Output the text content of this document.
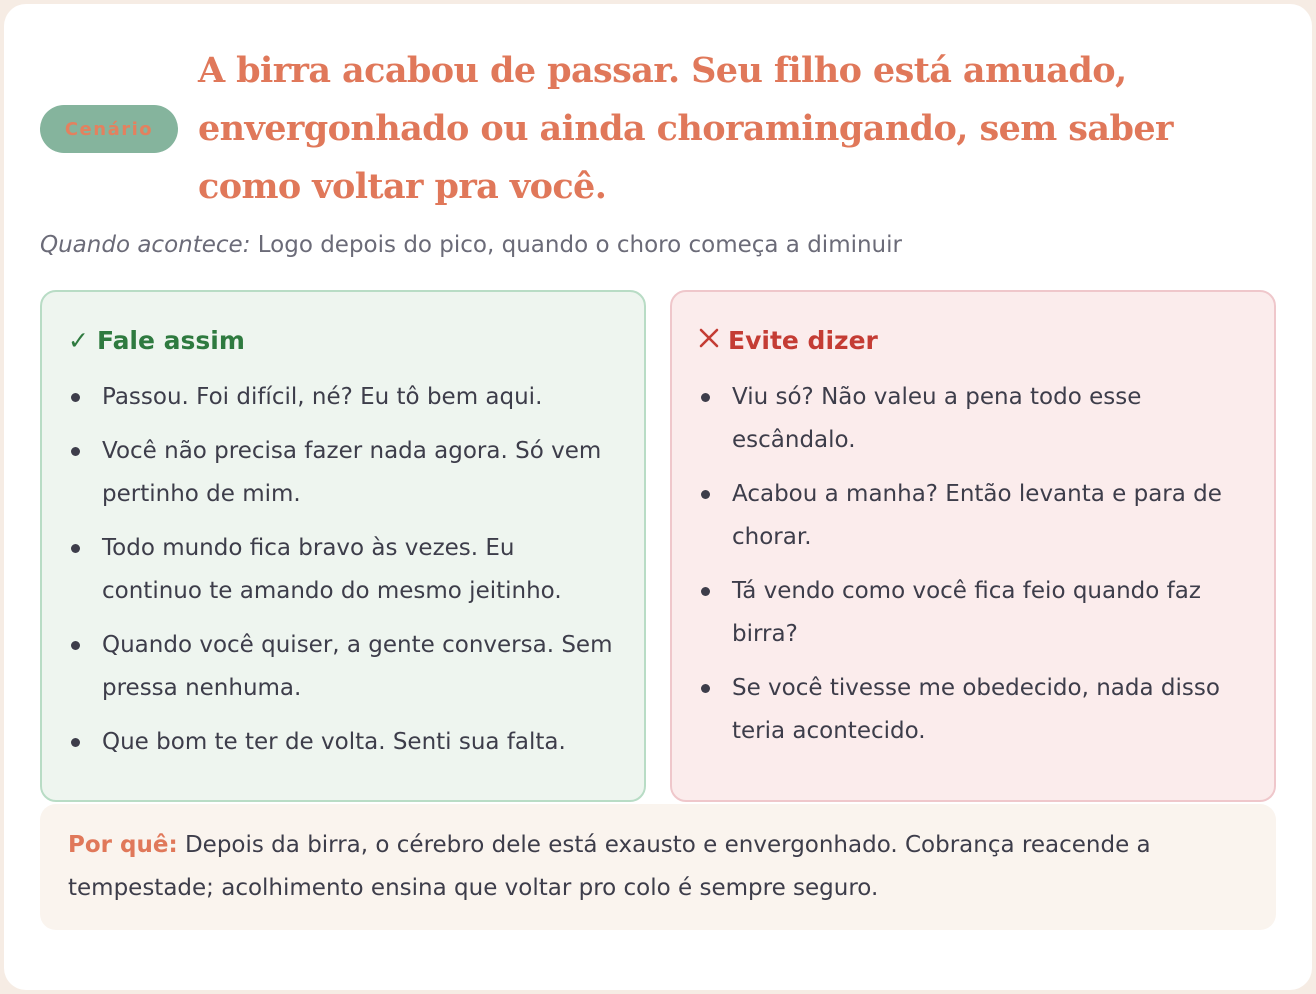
Cenário
A birra acabou de passar. Seu filho está amuado, envergonhado ou ainda choramingando, sem saber como voltar pra você.
Quando acontece: Logo depois do pico, quando o choro começa a diminuir
✓ Fale assim
Passou. Foi difícil, né? Eu tô bem aqui.
Você não precisa fazer nada agora. Só vem pertinho de mim.
Todo mundo fica bravo às vezes. Eu continuo te amando do mesmo jeitinho.
Quando você quiser, a gente conversa. Sem pressa nenhuma.
Que bom te ter de volta. Senti sua falta.
Evite dizer
Viu só? Não valeu a pena todo esse escândalo.
Acabou a manha? Então levanta e para de chorar.
Tá vendo como você fica feio quando faz birra?
Se você tivesse me obedecido, nada disso teria acontecido.
Por quê: Depois da birra, o cérebro dele está exausto e envergonhado. Cobrança reacende a tempestade; acolhimento ensina que voltar pro colo é sempre seguro.
